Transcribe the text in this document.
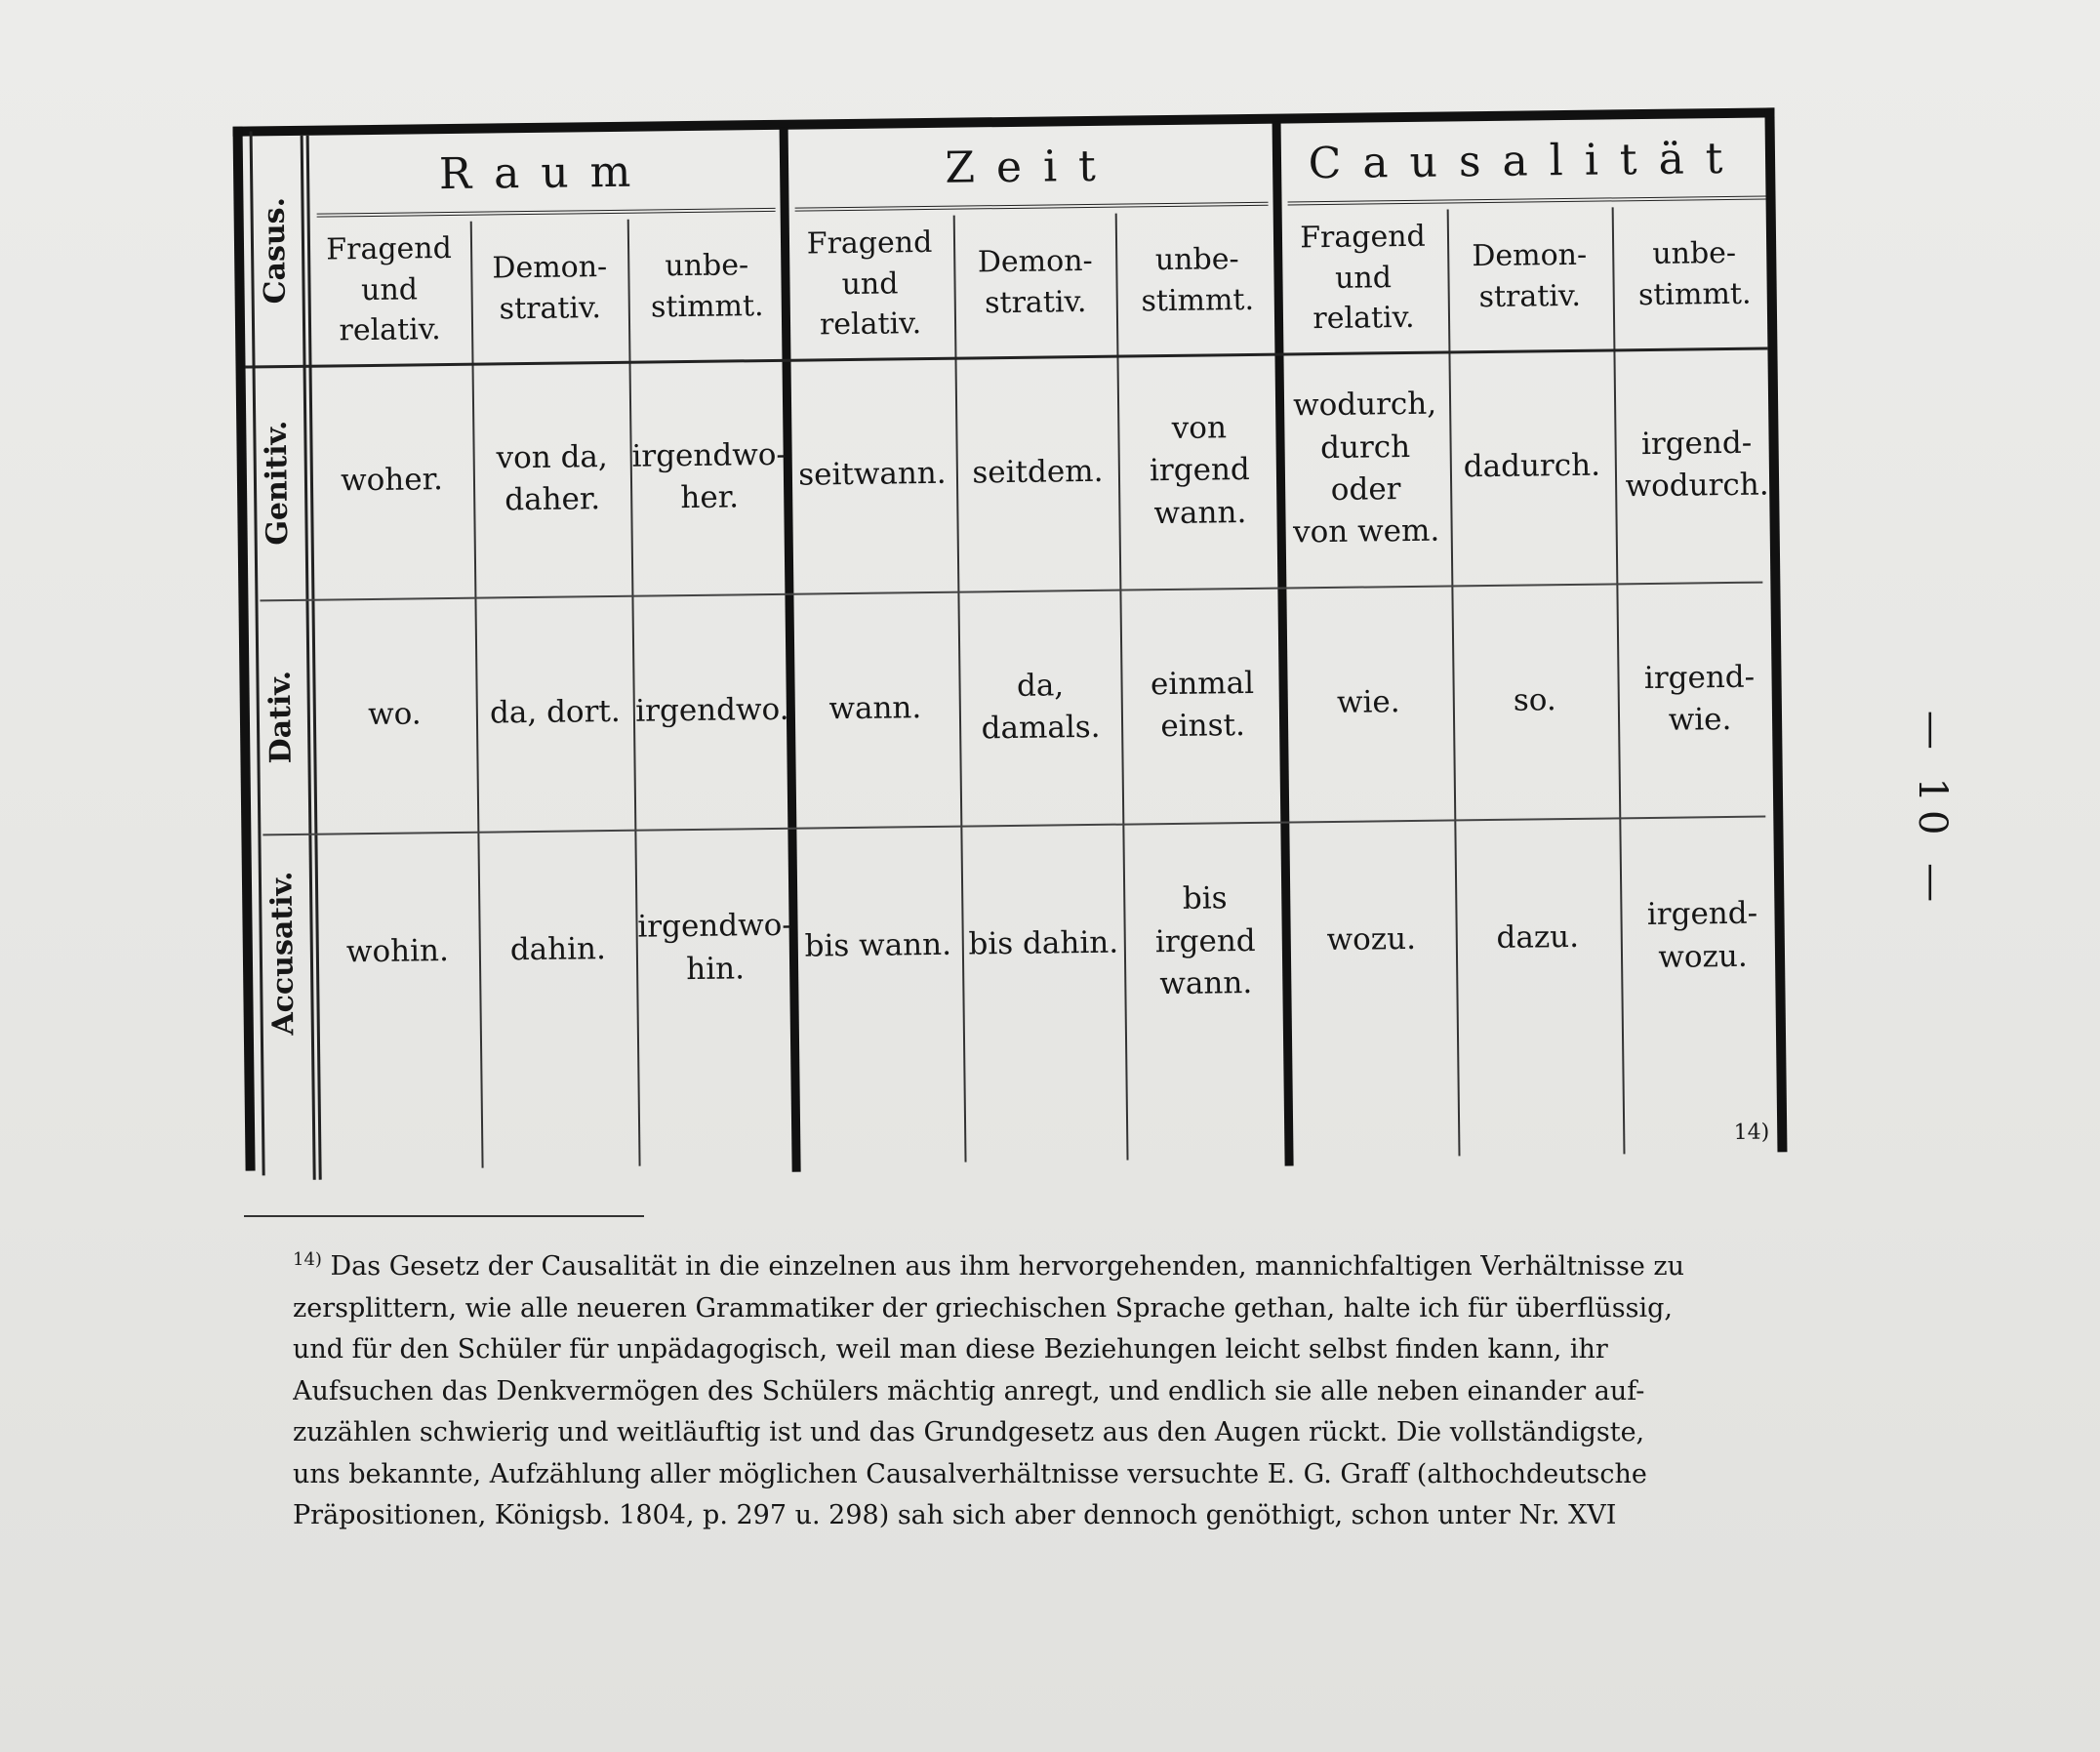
Casus.
Raum	Zeit	Causalität
Fragend
und
relativ.
woher.
wo.
wohin.
Demon-
strativ.
von da,
daher.
da, dort.
dahin.
unbe-
stimmt.
irgendwo-
her.
irgendwo.
irgendwo-
hin.
Fragend
und
relativ.
seitwann.
wann.
bis wann.
Demon-
strativ.
seitdem.
da,
damals.
bis dahin.
unbe-
stimmt.
von
irgend
wann.
einmal
einst.
bis
irgend
wann.
Fragend
und
relativ.
wodurch,
durch oder
von wem.
wie.
wozu.
Demon-
strativ.
dadurch.
so.
dazu.
unbe-
stimmt.
irgend-
wodurch.
irgend-
wie.
irgend-
wozu.
Genitiv.
Dativ.
Accusativ.
14)
— 10 —
$^{14)}$ Das Gesetz der Causalität in die einzelnen aus ihm hervorgehenden, mannichfaltigen Verhältnisse zu
zersplittern, wie alle neueren Grammatiker der griechischen Sprache gethan, halte ich für überflüssig,
und für den Schüler für unpädagogisch, weil man diese Beziehungen leicht selbst finden kann, ihr
Aufsuchen das Denkvermögen des Schülers mächtig anregt, und endlich sie alle neben einander auf-
zuzählen schwierig und weitläuftig ist und das Grundgesetz aus den Augen rückt. Die vollständigste,
uns bekannte, Aufzählung aller möglichen Causalverhältnisse versuchte E. G. Graff (althochdeutsche
Präpositionen, Königsb. 1804, p. 297 u. 298) sah sich aber dennoch genöthigt, schon unter Nr. XVI
